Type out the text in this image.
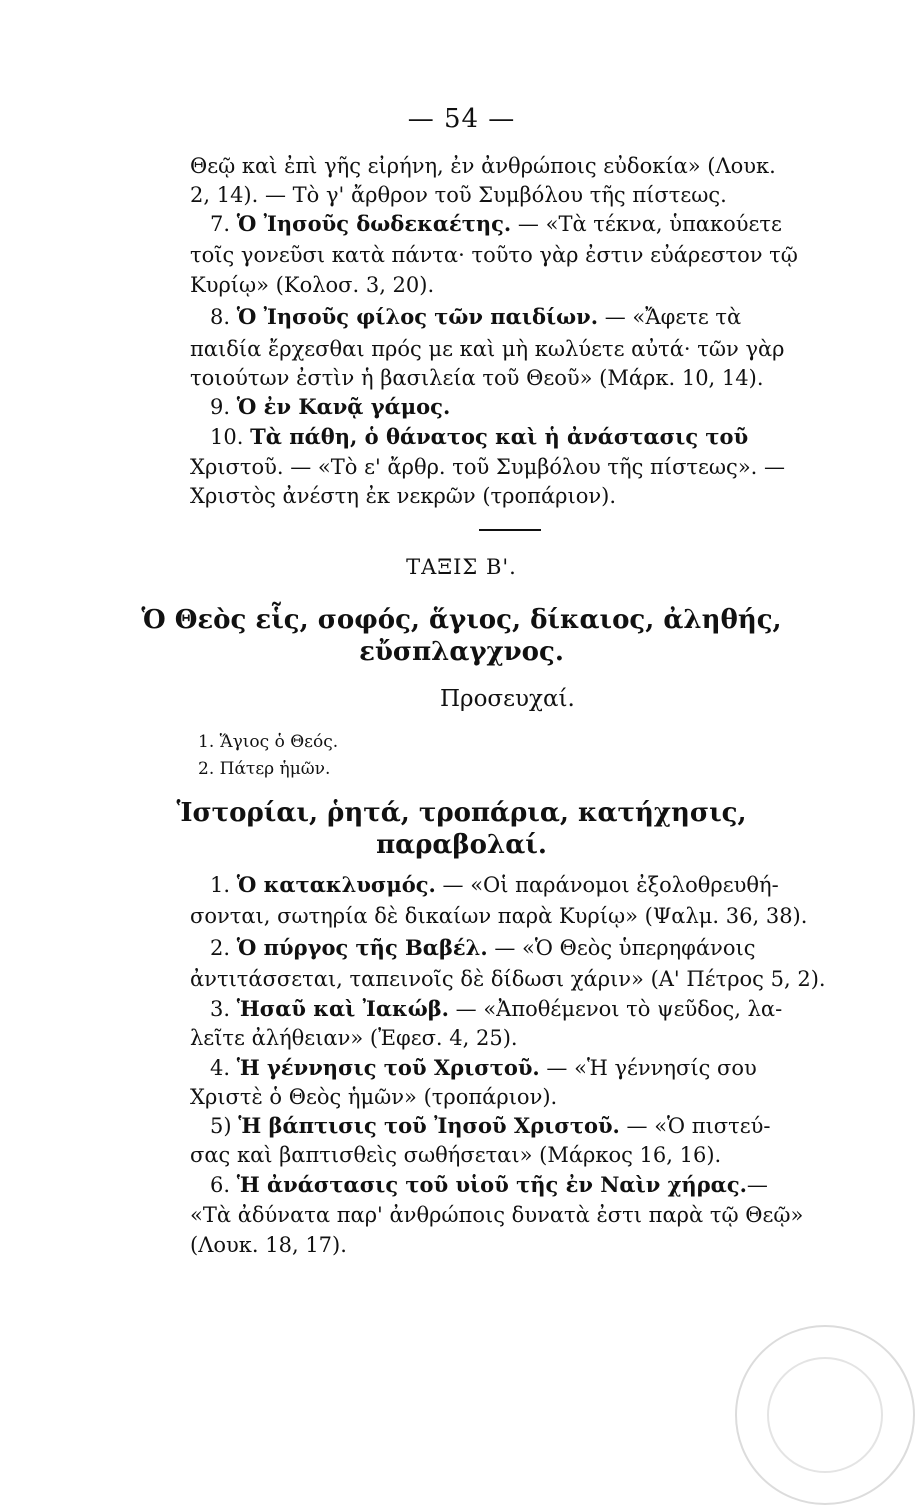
— 54 —
Θεῷ καὶ ἐπὶ γῆς εἰρήνη, ἐν ἀνθρώποις εὐδοκία» (Λουκ.
2, 14). — Τὸ γ' ἄρθρον τοῦ Συμβόλου τῆς πίστεως.
7. Ὁ Ἰησοῦς δωδεκαέτης. — «Τὰ τέκνα, ὑπακούετε
τοῖς γονεῦσι κατὰ πάντα· τοῦτο γὰρ ἐστιν εὐάρεστον τῷ
Κυρίῳ» (Κολοσ. 3, 20).
8. Ὁ Ἰησοῦς φίλος τῶν παιδίων. — «Ἄφετε τὰ
παιδία ἔρχεσθαι πρός με καὶ μὴ κωλύετε αὐτά· τῶν γὰρ
τοιούτων ἐστὶν ἡ βασιλεία τοῦ Θεοῦ» (Μάρκ. 10, 14).
9. Ὁ ἐν Κανᾷ γάμος.
10. Τὰ πάθη, ὁ θάνατος καὶ ἡ ἀνάστασις τοῦ
Χριστοῦ. — «Τὸ ε' ἄρθρ. τοῦ Συμβόλου τῆς πίστεως». —
Χριστὸς ἀνέστη ἐκ νεκρῶν (τροπάριον).
ΤΑΞΙΣ Β'.
Ὁ Θεὸς εἷς, σοφός, ἅγιος, δίκαιος, ἀληθής,
εὔσπλαγχνος.
Προσευχαί.
1. Ἅγιος ὁ Θεός.
2. Πάτερ ἡμῶν.
Ἱστορίαι, ῥητά, τροπάρια, κατήχησις,
παραβολαί.
1. Ὁ κατακλυσμός. — «Οἱ παράνομοι ἐξολοθρευθή-
σονται, σωτηρία δὲ δικαίων παρὰ Κυρίῳ» (Ψαλμ. 36, 38).
2. Ὁ πύργος τῆς Βαβέλ. — «Ὁ Θεὸς ὑπερηφάνοις
ἀντιτάσσεται, ταπεινοῖς δὲ δίδωσι χάριν» (Α' Πέτρος 5, 2).
3. Ἡσαῦ καὶ Ἰακώβ. — «Ἀποθέμενοι τὸ ψεῦδος, λα-
λεῖτε ἀλήθειαν» (Ἐφεσ. 4, 25).
4. Ἡ γέννησις τοῦ Χριστοῦ. — «Ἡ γέννησίς σου
Χριστὲ ὁ Θεὸς ἡμῶν» (τροπάριον).
5) Ἡ βάπτισις τοῦ Ἰησοῦ Χριστοῦ. — «Ὁ πιστεύ-
σας καὶ βαπτισθεὶς σωθήσεται» (Μάρκος 16, 16).
6. Ἡ ἀνάστασις τοῦ υἱοῦ τῆς ἐν Ναὶν χήρας.—
«Τὰ ἀδύνατα παρ' ἀνθρώποις δυνατὰ ἐστι παρὰ τῷ Θεῷ»
(Λουκ. 18, 17).
